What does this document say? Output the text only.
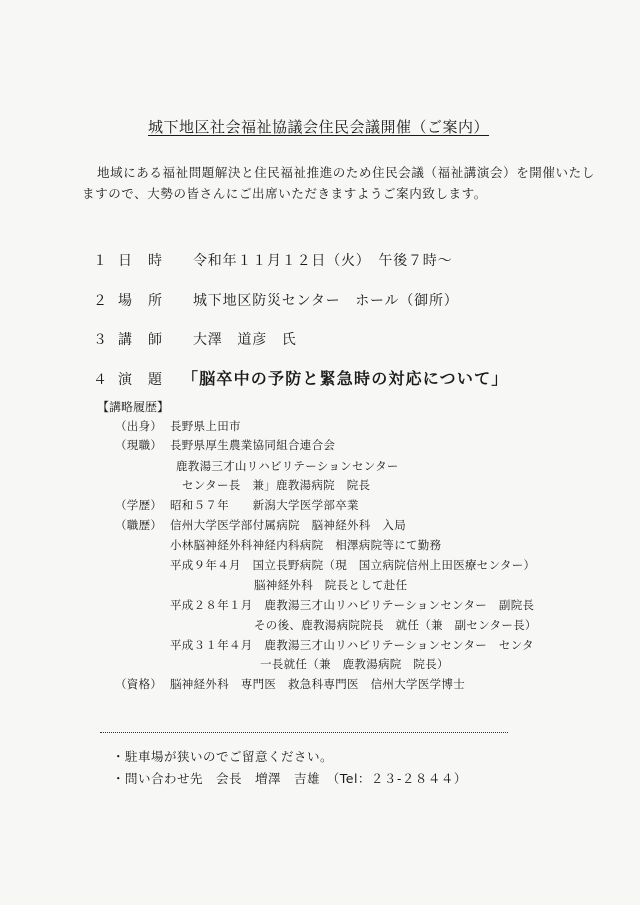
城下地区社会福祉協議会住民会議開催（ご案内）
地域にある福祉問題解決と住民福祉推進のため住民会議（福祉講演会）を開催いたし
ますので、大勢の皆さんにご出席いただきますようご案内致します。
１ 日時 令和年１１月１２日（火）　午後７時～
２ 場所 城下地区防災センター　ホール（御所）
３ 講師 大澤　道彦　氏
４ 演題 「脳卒中の予防と緊急時の対応について」
【講略履歴】
（出身） 長野県上田市
（現職） 長野県厚生農業協同組合連合会
鹿教湯三才山リハビリテーションセンター
センター長　兼」鹿教湯病院　院長
（学歴） 昭和５７年　　新潟大学医学部卒業
（職歴） 信州大学医学部付属病院　脳神経外科　入局
小林脳神経外科神経内科病院　相澤病院等にて勤務
平成９年４月　国立長野病院（現　国立病院信州上田医療センター）
脳神経外科　院長として赴任
平成２８年１月　鹿教湯三才山リハビリテーションセンター　副院長
その後、鹿教湯病院院長　就任（兼　副センター長）
平成３１年４月　鹿教湯三才山リハビリテーションセンター　センタ
一長就任（兼　鹿教湯病院　院長）
（資格） 脳神経外科　専門医　救急科専門医　信州大学医学博士
・駐車場が狭いのでご留意ください。
・問い合わせ先　会長　増澤　吉雄　（Tel：２３-２８４４）
